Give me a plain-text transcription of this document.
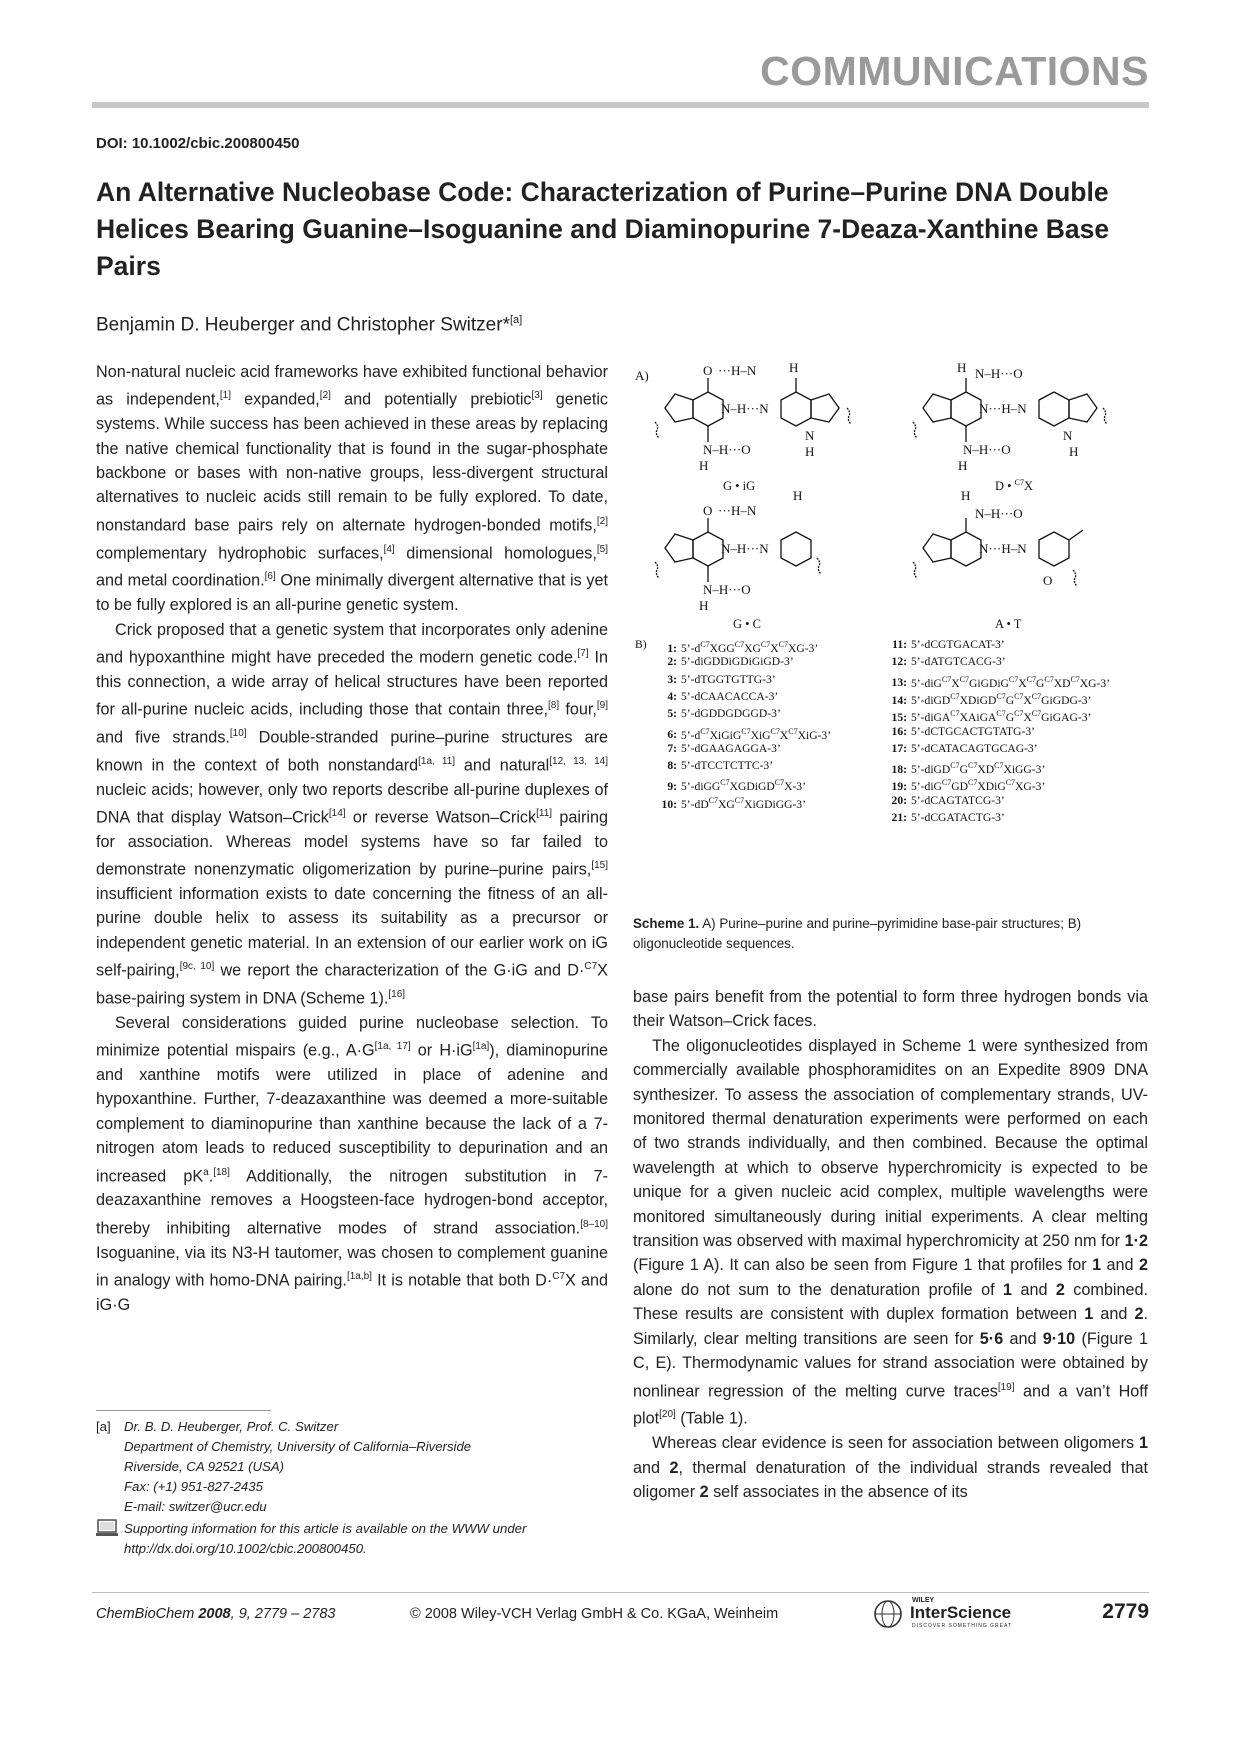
COMMUNICATIONS
DOI: 10.1002/cbic.200800450
An Alternative Nucleobase Code: Characterization of Purine–Purine DNA Double Helices Bearing Guanine–Isoguanine and Diaminopurine 7-Deaza-Xanthine Base Pairs
Benjamin D. Heuberger and Christopher Switzer*[a]

Non-natural nucleic acid frameworks have exhibited functional behavior as independent,[1] expanded,[2] and potentially prebiotic[3] genetic systems. While success has been achieved in these areas by replacing the native chemical functionality that is found in the sugar-phosphate backbone or bases with non-native groups, less-divergent structural alternatives to nucleic acids still remain to be fully explored. To date, nonstandard base pairs rely on alternate hydrogen-bonded motifs,[2] complementary hydrophobic surfaces,[4] dimensional homologues,[5] and metal coordination.[6] One minimally divergent alternative that is yet to be fully explored is an all-purine genetic system.

Crick proposed that a genetic system that incorporates only adenine and hypoxanthine might have preceded the modern genetic code.[7] In this connection, a wide array of helical structures have been reported for all-purine nucleic acids, including those that contain three,[8] four,[9] and five strands.[10] Double-stranded purine–purine structures are known in the context of both nonstandard[1a, 11] and natural[12, 13, 14] nucleic acids; however, only two reports describe all-purine duplexes of DNA that display Watson–Crick[14] or reverse Watson–Crick[11] pairing for association. Whereas model systems have so far failed to demonstrate nonenzymatic oligomerization by purine–purine pairs,[15] insufficient information exists to date concerning the fitness of an all-purine double helix to assess its suitability as a precursor or independent genetic material. In an extension of our earlier work on iG self-pairing,[9c, 10] we report the characterization of the G·iG and D·$^{C7}$X base-pairing system in DNA (Scheme 1).[16]

Several considerations guided purine nucleobase selection. To minimize potential mispairs (e.g., A·G[1a, 17] or H·iG[1a]), diaminopurine and xanthine motifs were utilized in place of adenine and hypoxanthine. Further, 7-deazaxanthine was deemed a more-suitable complement to diaminopurine than xanthine because the lack of a 7-nitrogen atom leads to reduced susceptibility to depurination and an increased $pK^a.[18]$ Additionally, the nitrogen substitution in 7-deazaxanthine removes a Hoogsteen-face hydrogen-bond acceptor, thereby inhibiting alternative modes of strand association.[8–10] Isoguanine, via its N3-H tautomer, was chosen to complement guanine in analogy with homo-DNA pairing.[1a,b] It is notable that both D·$^{C7}$X and iG·G

base pairs benefit from the potential to form three hydrogen bonds via their Watson–Crick faces.

The oligonucleotides displayed in Scheme 1 were synthesized from commercially available phosphoramidites on an Expedite 8909 DNA synthesizer. To assess the association of complementary strands, UV-monitored thermal denaturation experiments were performed on each of two strands individually, and then combined. Because the optimal wavelength at which to observe hyperchromicity is expected to be unique for a given nucleic acid complex, multiple wavelengths were monitored simultaneously during initial experiments. A clear melting transition was observed with maximal hyperchromicity at 250 nm for 1·2 (Figure 1 A). It can also be seen from Figure 1 that profiles for 1 and 2 alone do not sum to the denaturation profile of 1 and 2 combined. These results are consistent with duplex formation between 1 and 2. Similarly, clear melting transitions are seen for 5·6 and 9·10 (Figure 1 C, E). Thermodynamic values for strand association were obtained by nonlinear regression of the melting curve traces[19] and a van’t Hoff plot[20] (Table 1).

Whereas clear evidence is seen for association between oligomers 1 and 2, thermal denaturation of the individual strands revealed that oligomer 2 self associates in the absence of its

A)	O ···H–N	H
N–H···N
N–H···O
H
N
H
G • iG
H N–H···O
N···H–N
N–H···O
H
N
H
D • $^{C7}$X
O ···H–N
H
N–H···N
N–H···O
H
G • C
H
N–H···O
N···H–N
O
A • T
B)	1: $5’-d^{C7}XGG^{C7}XG^{C7}X^{C7}XG-3$’
2: 5’-diGDDiGDiGiGD-3’
3: 5’-dTGGTGTTG-3’
4: 5’-dCAACACCA-3’
5: 5’-dGDDGDGGD-3’
6: $5’-d^{C7}XiGiG^{C7}XiG^{C7}X^{C7}XiG-3$’
7: 5’-dGAAGAGGA-3’
8: 5’-dTCCTCTTC-3’
9: 5’-diGG$^{C7}$XGDiGD$^{C7}$X-3’
10: $5’-dD^{C7}XG^{C7}XiGDiGG-3$’
11: 5’-dCGTGACAT-3’
12: 5’-dATGTCACG-3’
13: $5’-diG^{C7}X^{C7}GiGDiG^{C7}X^{C7}G^{C7}XD^{C7}XG-3$’
14: $5’-diGD^{C7}XDiGD^{C7}G^{C7}X^{C7}GiGDG-3$’
15: $5’-diGA^{C7}XAiGA^{C7}G^{C7}X^{C7}GiGAG-3$’
16: 5’-dCTGCACTGTATG-3’
17: 5’-dCATACAGTGCAG-3’
18: $5’-diGD^{C7}G^{C7}XD^{C7}XiGG-3$’
19: $5’-diG^{C7}GD^{C7}XDiG^{C7}XG-3$’
20: 5’-dCAGTATCG-3’
21: 5’-dCGATACTG-3’
Scheme 1. A) Purine–purine and purine–pyrimidine base-pair structures; B) oligonucleotide sequences.
[a] Dr. B. D. Heuberger, Prof. C. Switzer
Department of Chemistry, University of California–Riverside
Riverside, CA 92521 (USA)
Fax: (+1) 951-827-2435
E-mail: switzer@ucr.edu
Supporting information for this article is available on the WWW under
http://dx.doi.org/10.1002/cbic.200800450.
ChemBioChem 2008, 9, 2779 – 2783	© 2008 Wiley-VCH Verlag GmbH & Co. KGaA, Weinheim
WILEY
InterScience
DISCOVER SOMETHING GREAT
2779
